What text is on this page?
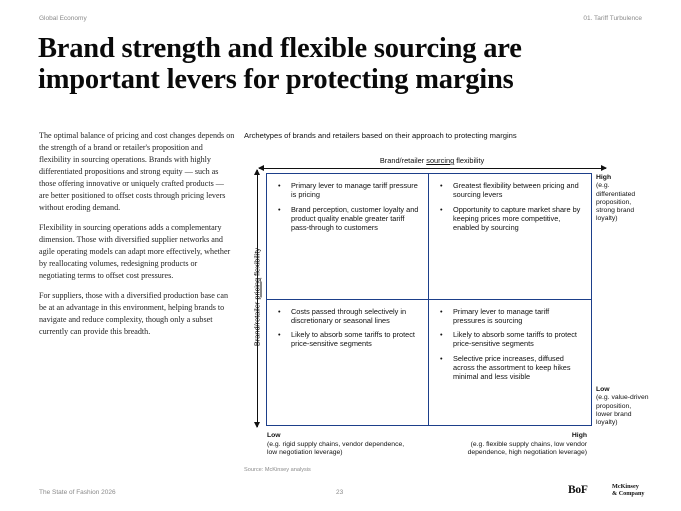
Global Economy	01. Tariff Turbulence
Brand strength and flexible sourcing are important levers for protecting margins

The optimal balance of pricing and cost changes depends on the strength of a brand or retailer's proposition and flexibility in sourcing operations. Brands with highly differentiated propositions and strong equity — such as those offering innovative or uniquely crafted products — are better positioned to offset costs through pricing levers without eroding demand.

Flexibility in sourcing operations adds a complementary dimension. Those with diversified supplier networks and agile operating models can adapt more effectively, whether by reallocating volumes, redesigning products or negotiating terms to offset cost pressures.

For suppliers, those with a diversified production base can be at an advantage in this environment, helping brands to navigate and reduce complexity, though only a subset currently can provide this breadth.

Archetypes of brands and retailers based on their approach to protecting margins
Brand/retailer sourcing flexibility
Brand/retailer pricing flexibility
• Primary lever to manage tariff pressure is pricing
• Brand perception, customer loyalty and product quality enable greater tariff pass-through to customers
• Greatest flexibility between pricing and sourcing levers
• Opportunity to capture market share by keeping prices more competitive, enabled by sourcing
• Costs passed through selectively in discretionary or seasonal lines
• Likely to absorb some tariffs to protect price-sensitive segments
• Primary lever to manage tariff pressures is sourcing
• Likely to absorb some tariffs to protect price-sensitive segments
• Selective price increases, diffused across the assortment to keep hikes minimal and less visible
High
(e.g.
differentiated
proposition,
strong brand
loyalty)
Low
(e.g. value-driven
proposition,
lower brand
loyalty)
Low
(e.g. rigid supply chains, vendor dependence,
low negotiation leverage)
High
(e.g. flexible supply chains, low vendor
dependence, high negotiation leverage)
Source: McKinsey analysis
The State of Fashion 2026	23	BoF	McKinsey
& Company
